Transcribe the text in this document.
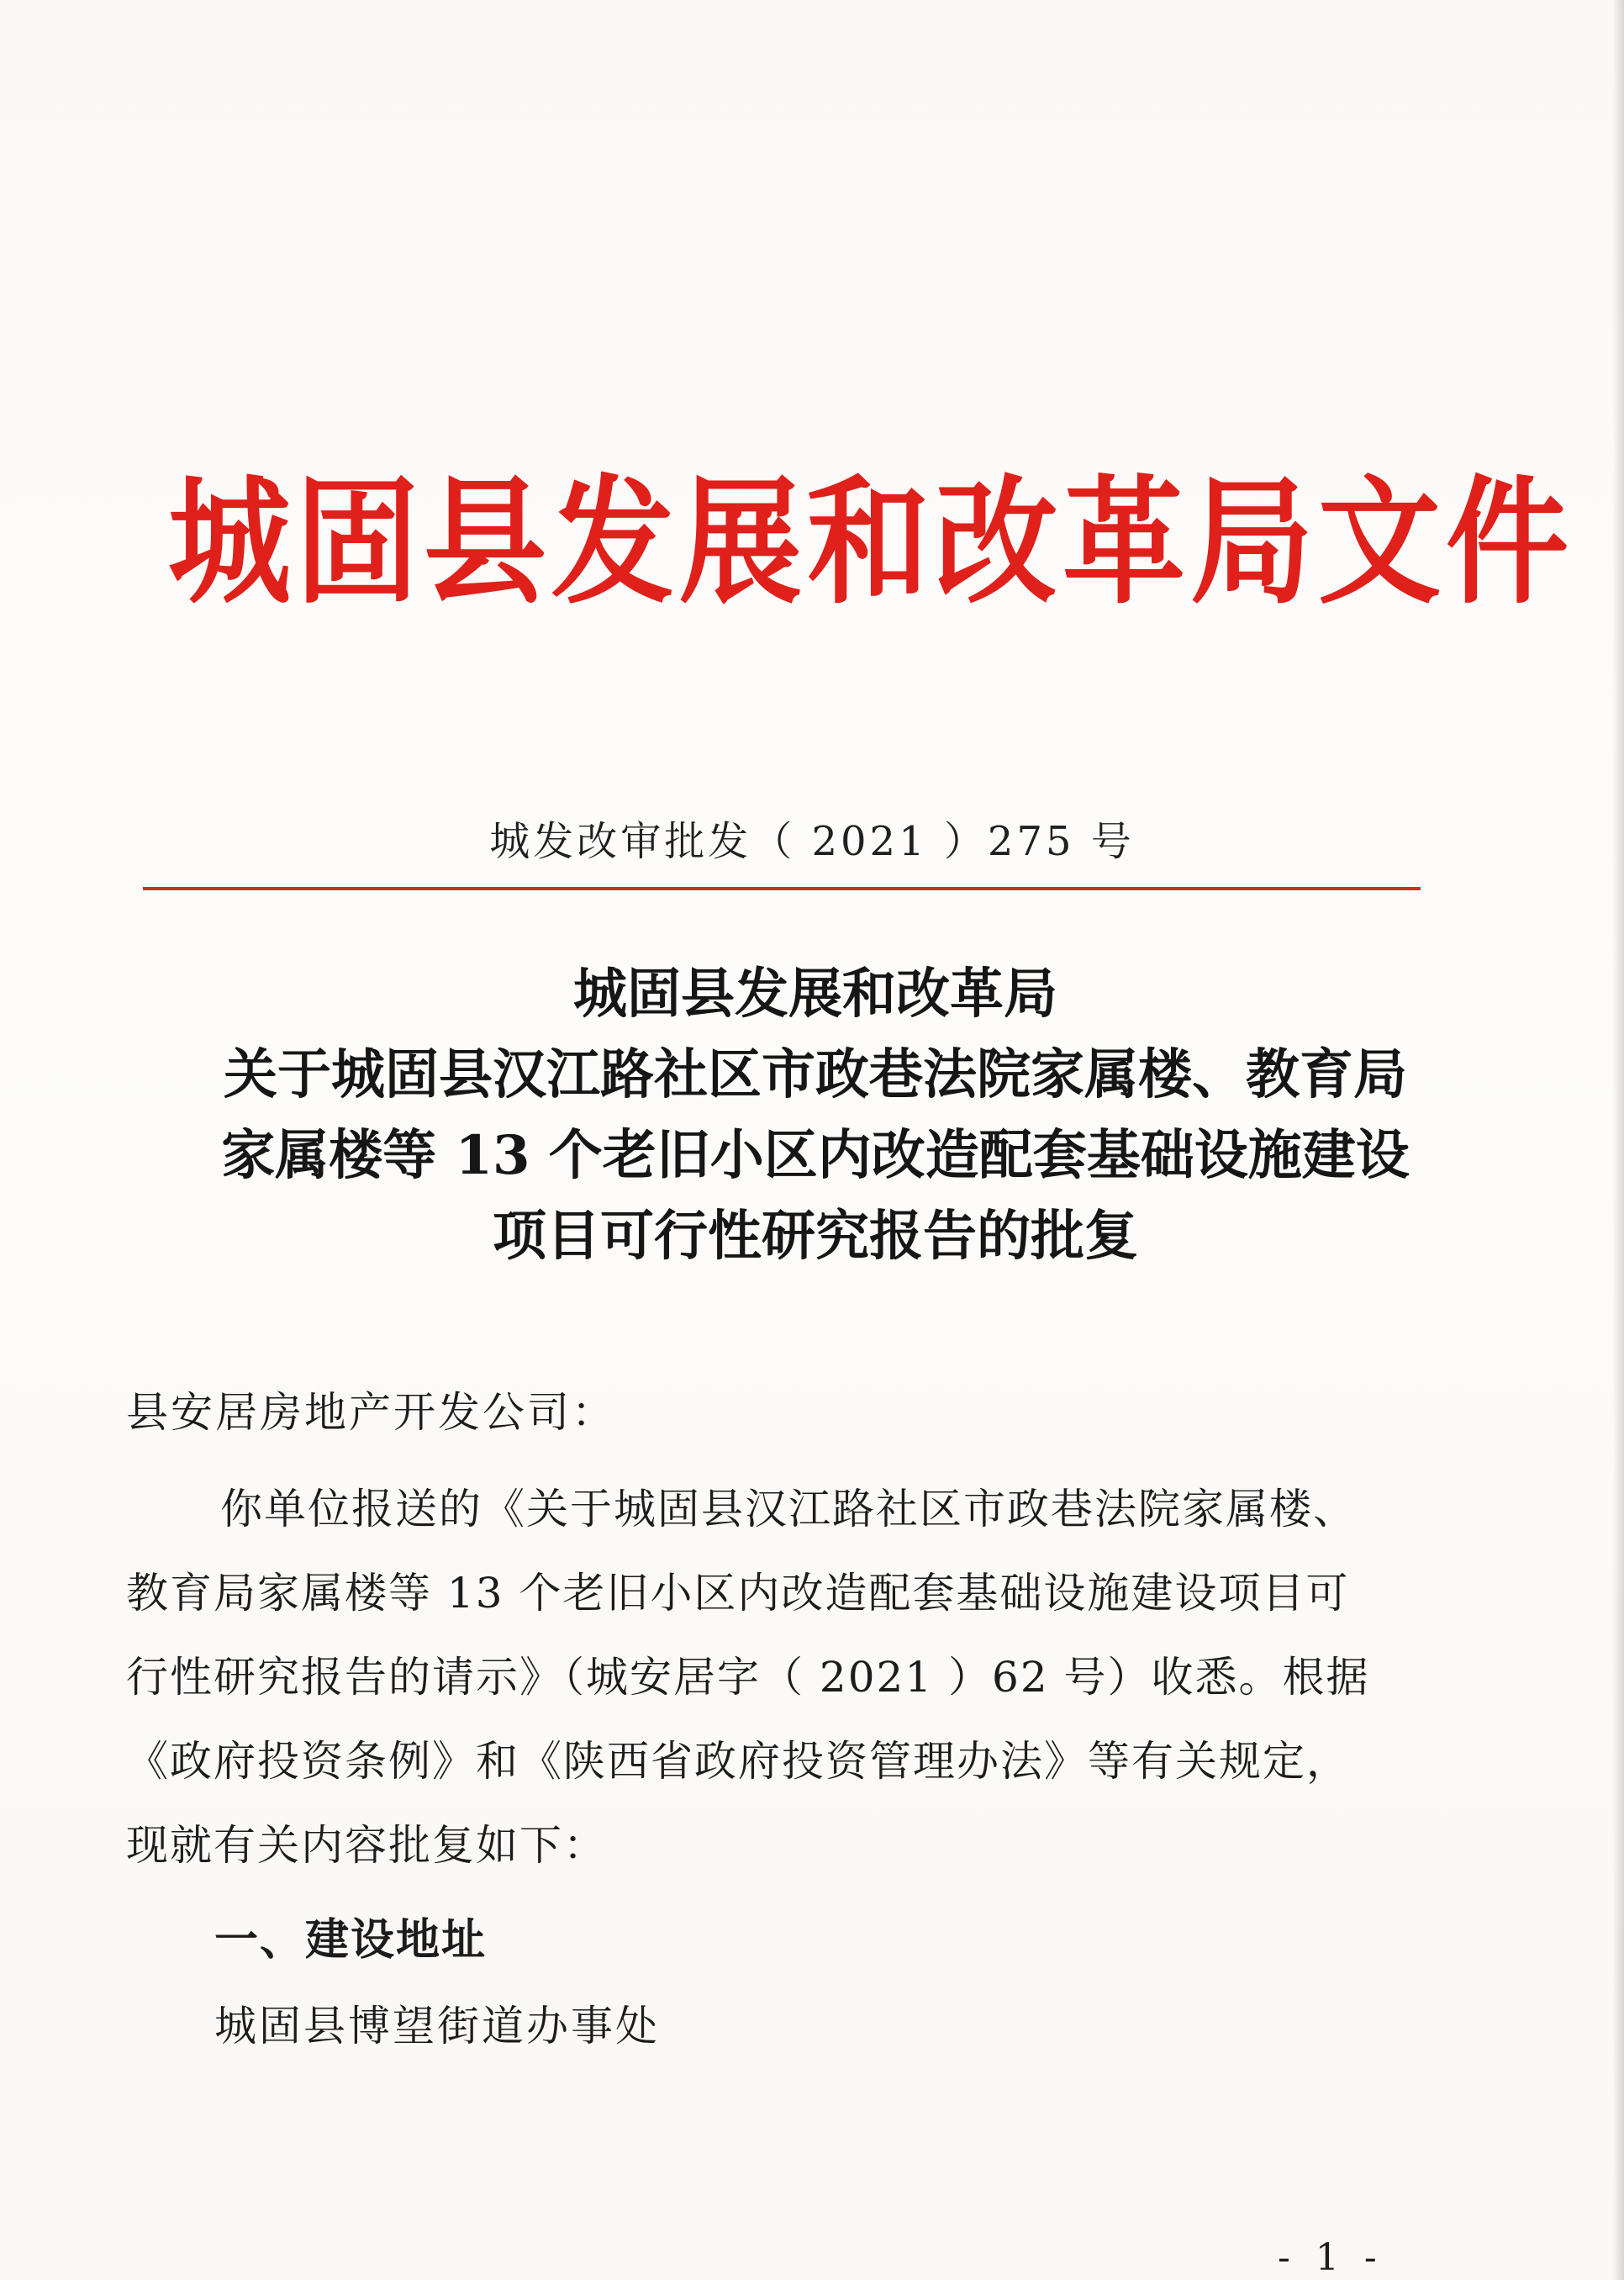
城固县发展和改革局文件
城发改审批发（ 2021 ）275 号
城固县发展和改革局
关于城固县汉江路社区市政巷法院家属楼、教育局
家属楼等 13 个老旧小区内改造配套基础设施建设
项目可行性研究报告的批复
县安居房地产开发公司：
你单位报送的《关于城固县汉江路社区市政巷法院家属楼、
教育局家属楼等 13 个老旧小区内改造配套基础设施建设项目可
行性研究报告的请示》（城安居字（ 2021 ）62 号）收悉。根据
《政府投资条例》和《陕西省政府投资管理办法》等有关规定，
现就有关内容批复如下：
一、建设地址
城固县博望街道办事处
- 1 -
